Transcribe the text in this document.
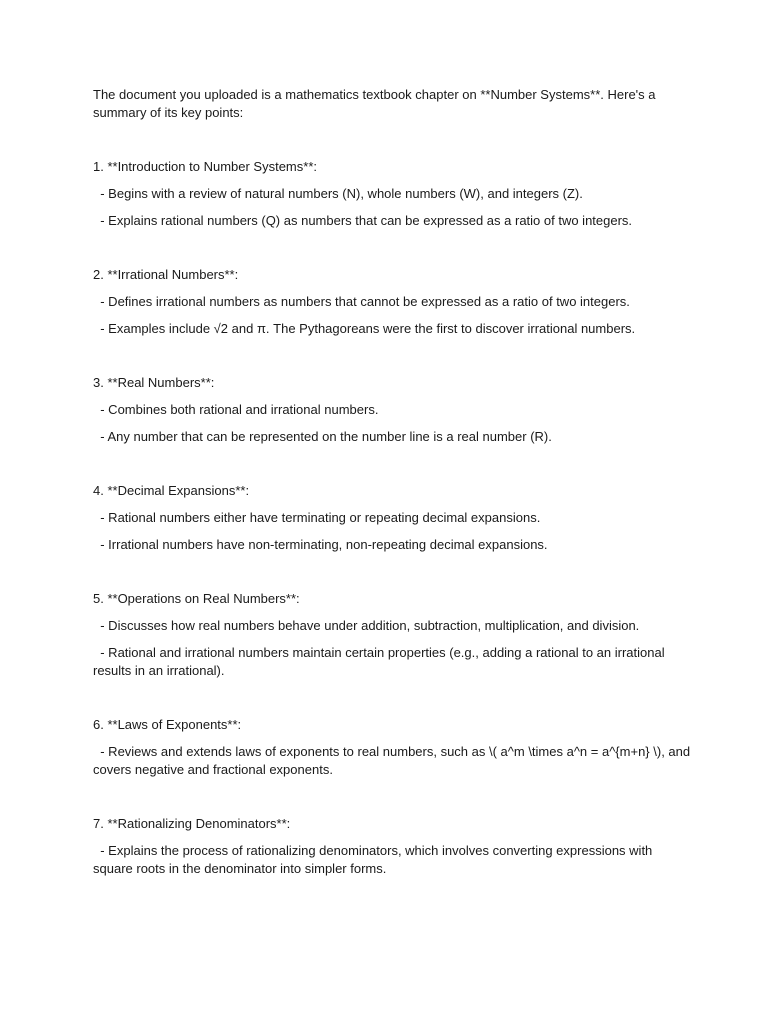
The document you uploaded is a mathematics textbook chapter on **Number Systems**. Here's a summary of its key points:

1. **Introduction to Number Systems**:

- Begins with a review of natural numbers (N), whole numbers (W), and integers (Z).

- Explains rational numbers (Q) as numbers that can be expressed as a ratio of two integers.

2. **Irrational Numbers**:

- Defines irrational numbers as numbers that cannot be expressed as a ratio of two integers.

- Examples include √2 and π. The Pythagoreans were the first to discover irrational numbers.

3. **Real Numbers**:

- Combines both rational and irrational numbers.

- Any number that can be represented on the number line is a real number (R).

4. **Decimal Expansions**:

- Rational numbers either have terminating or repeating decimal expansions.

- Irrational numbers have non-terminating, non-repeating decimal expansions.

5. **Operations on Real Numbers**:

- Discusses how real numbers behave under addition, subtraction, multiplication, and division.

- Rational and irrational numbers maintain certain properties (e.g., adding a rational to an irrational results in an irrational).

6. **Laws of Exponents**:

- Reviews and extends laws of exponents to real numbers, such as \( a^m \times a^n = a^{m+n} \), and covers negative and fractional exponents.

7. **Rationalizing Denominators**:

- Explains the process of rationalizing denominators, which involves converting expressions with square roots in the denominator into simpler forms.
